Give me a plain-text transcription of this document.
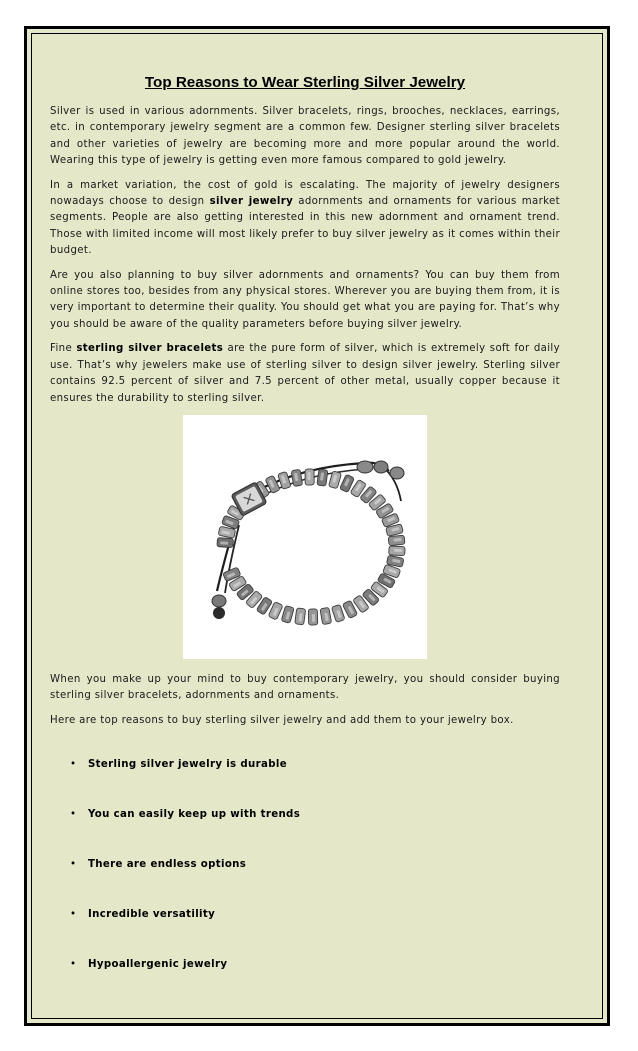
Top Reasons to Wear Sterling Silver Jewelry

Silver is used in various adornments. Silver bracelets, rings, brooches, necklaces, earrings, etc. in contemporary jewelry segment are a common few. Designer sterling silver bracelets and other varieties of jewelry are becoming more and more popular around the world. Wearing this type of jewelry is getting even more famous compared to gold jewelry.

In a market variation, the cost of gold is escalating. The majority of jewelry designers nowadays choose to design silver jewelry adornments and ornaments for various market segments. People are also getting interested in this new adornment and ornament trend. Those with limited income will most likely prefer to buy silver jewelry as it comes within their budget.

Are you also planning to buy silver adornments and ornaments? You can buy them from online stores too, besides from any physical stores. Wherever you are buying them from, it is very important to determine their quality. You should get what you are paying for. That’s why you should be aware of the quality parameters before buying silver jewelry.

Fine sterling silver bracelets are the pure form of silver, which is extremely soft for daily use. That’s why jewelers make use of sterling silver to design silver jewelry. Sterling silver contains 92.5 percent of silver and 7.5 percent of other metal, usually copper because it ensures the durability to sterling silver.

When you make up your mind to buy contemporary jewelry, you should consider buying sterling silver bracelets, adornments and ornaments.

Here are top reasons to buy sterling silver jewelry and add them to your jewelry box.

• Sterling silver jewelry is durable
• You can easily keep up with trends
• There are endless options
• Incredible versatility
• Hypoallergenic jewelry
